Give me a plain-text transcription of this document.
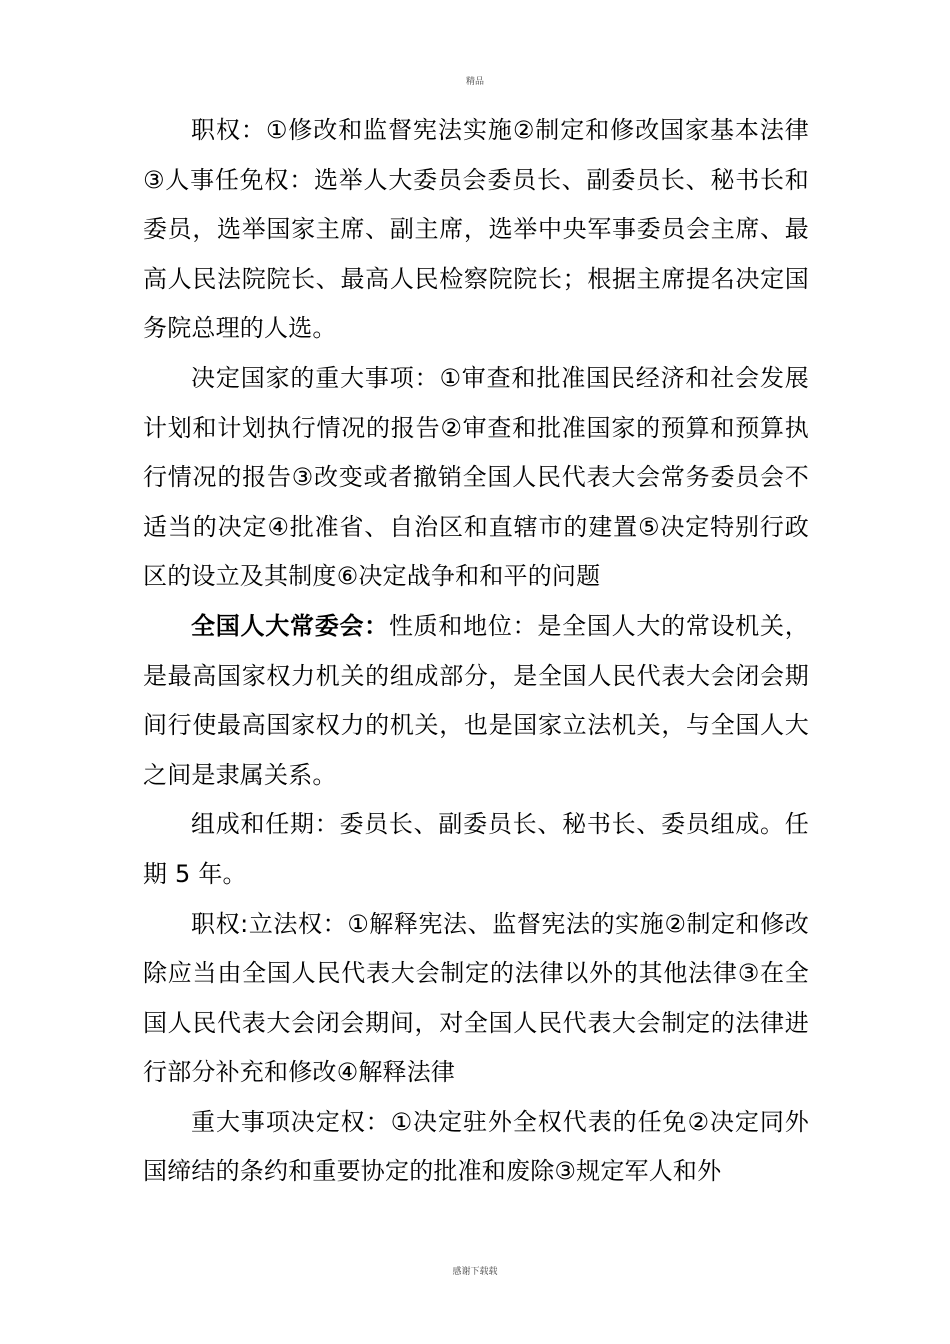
精品

职权：①修改和监督宪法实施②制定和修改国家基本法律③人事任免权：选举人大委员会委员长、副委员长、秘书长和委员，选举国家主席、副主席，选举中央军事委员会主席、最高人民法院院长、最高人民检察院院长；根据主席提名决定国务院总理的人选。

决定国家的重大事项：①审查和批准国民经济和社会发展计划和计划执行情况的报告②审查和批准国家的预算和预算执行情况的报告③改变或者撤销全国人民代表大会常务委员会不适当的决定④批准省、自治区和直辖市的建置⑤决定特别行政区的设立及其制度⑥决定战争和和平的问题

全国人大常委会：性质和地位：是全国人大的常设机关，是最高国家权力机关的组成部分，是全国人民代表大会闭会期间行使最高国家权力的机关，也是国家立法机关，与全国人大之间是隶属关系。

组成和任期：委员长、副委员长、秘书长、委员组成。任期 5 年。

职权:立法权：①解释宪法、监督宪法的实施②制定和修改除应当由全国人民代表大会制定的法律以外的其他法律③在全国人民代表大会闭会期间，对全国人民代表大会制定的法律进行部分补充和修改④解释法律

重大事项决定权：①决定驻外全权代表的任免②决定同外国缔结的条约和重要协定的批准和废除③规定军人和外

感谢下载载
